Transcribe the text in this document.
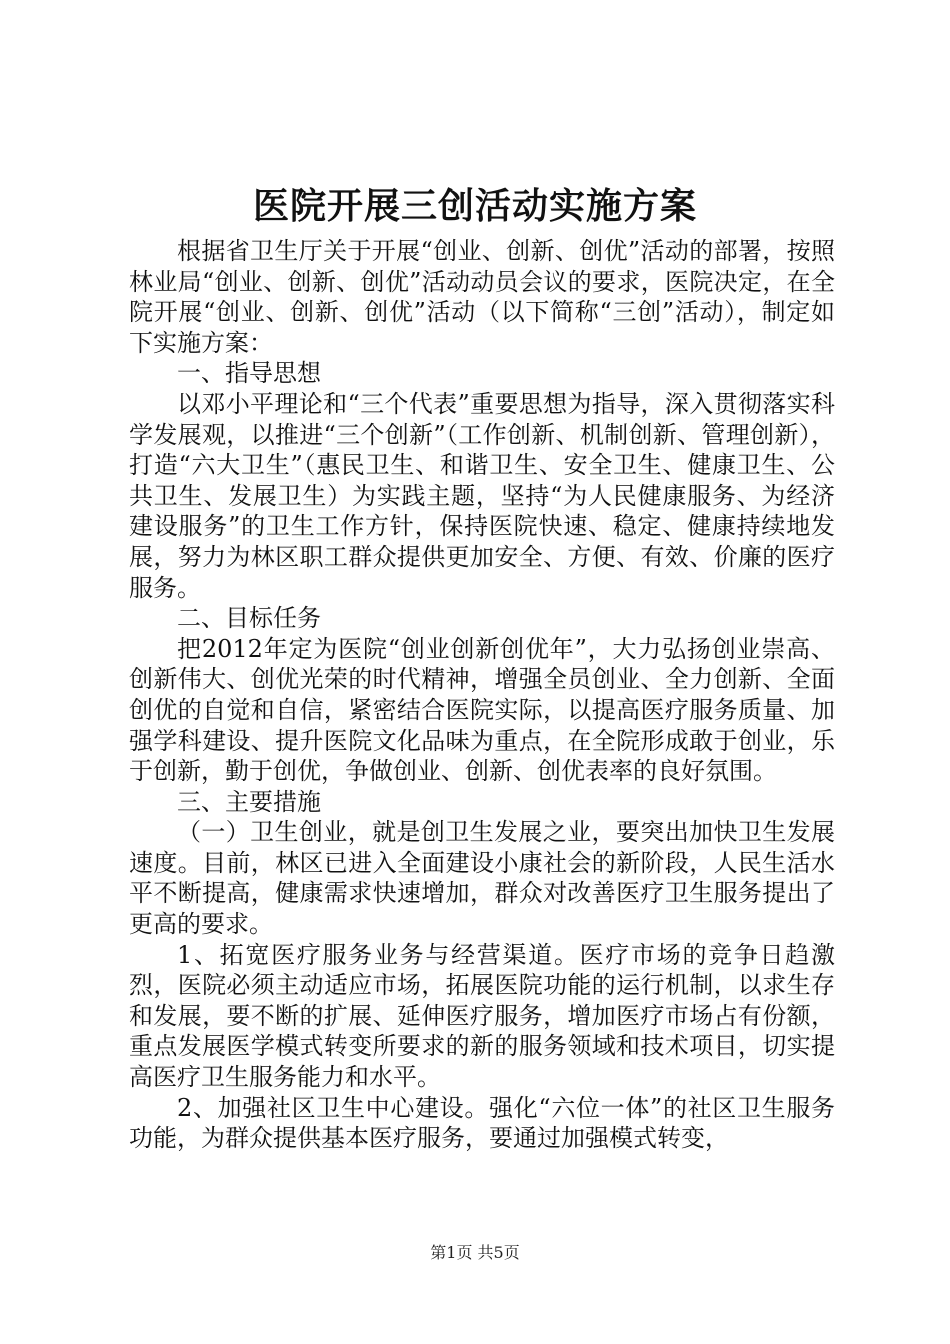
医院开展三创活动实施方案

根据省卫生厅关于开展“创业、创新、创优”活动的部署，按照林业局“创业、创新、创优”活动动员会议的要求，医院决定，在全院开展“创业、创新、创优”活动（以下简称“三创”活动），制定如下实施方案：

一、指导思想

以邓小平理论和“三个代表”重要思想为指导，深入贯彻落实科学发展观，以推进“三个创新”（工作创新、机制创新、管理创新），打造“六大卫生”（惠民卫生、和谐卫生、安全卫生、健康卫生、公共卫生、发展卫生）为实践主题，坚持“为人民健康服务、为经济建设服务”的卫生工作方针，保持医院快速、稳定、健康持续地发展，努力为林区职工群众提供更加安全、方便、有效、价廉的医疗服务。

二、目标任务

把2012年定为医院“创业创新创优年”，大力弘扬创业崇高、创新伟大、创优光荣的时代精神，增强全员创业、全力创新、全面创优的自觉和自信，紧密结合医院实际，以提高医疗服务质量、加强学科建设、提升医院文化品味为重点，在全院形成敢于创业，乐于创新，勤于创优，争做创业、创新、创优表率的良好氛围。

三、主要措施

（一）卫生创业，就是创卫生发展之业，要突出加快卫生发展速度。目前，林区已进入全面建设小康社会的新阶段，人民生活水平不断提高，健康需求快速增加，群众对改善医疗卫生服务提出了更高的要求。

1、拓宽医疗服务业务与经营渠道。医疗市场的竞争日趋激烈，医院必须主动适应市场，拓展医院功能的运行机制，以求生存和发展，要不断的扩展、延伸医疗服务，增加医疗市场占有份额，重点发展医学模式转变所要求的新的服务领域和技术项目，切实提高医疗卫生服务能力和水平。

2、加强社区卫生中心建设。强化“六位一体”的社区卫生服务功能，为群众提供基本医疗服务，要通过加强模式转变，

第1页 共5页
